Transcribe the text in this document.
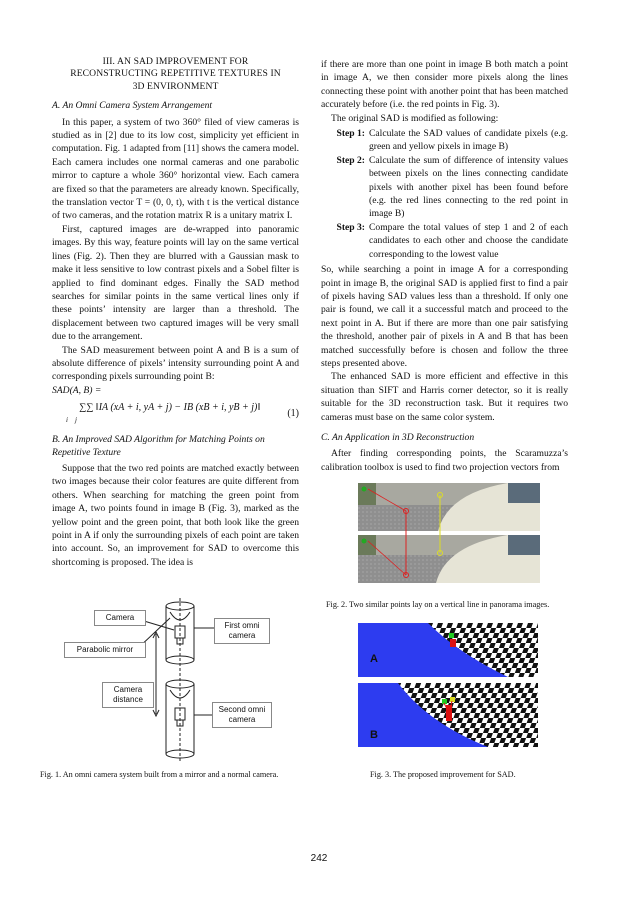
III. AN SAD IMPROVEMENT FOR
RECONSTRUCTING REPETITIVE TEXTURES IN
3D ENVIRONMENT
A. An Omni Camera System Arrangement

In this paper, a system of two 360° filed of view cameras is studied as in [2] due to its low cost, simplicity yet efficient in computation. Fig. 1 adapted from [11] shows the camera model. Each camera includes one normal cameras and one parabolic mirror to capture a whole 360° horizontal view. Each camera are fixed so that the parameters are already known. Specifically, the translation vector T = (0, 0, t), with t is the vertical distance of two cameras, and the rotation matrix R is a unitary matrix I.

First, captured images are de-wrapped into panoramic images. By this way, feature points will lay on the same vertical lines (Fig. 2). Then they are blurred with a Gaussian mask to make it less sensitive to low contrast pixels and a Sobel filter is applied to find dominant edges. Finally the SAD method searches for similar points in the same vertical lines only if these points’ intensity are larger than a threshold. The displacement between two captured images will be very small due to the arrangement.

The SAD measurement between point A and B is a sum of absolute difference of pixels’ intensity surrounding point A and corresponding pixels surrounding point B:

SAD(A, B) =

∑∑ ‖IA (xA + i, yA + j) − IB (xB + i, yB + j)‖
i    j
(1)
B. An Improved SAD Algorithm for Matching Points on
Repetitive Texture

Suppose that the two red points are matched exactly between two images because their color features are quite different from others. When searching for matching the green point from image A, two points found in image B (Fig. 3), marked as the yellow point and the green point, that both look like the green point in A if only the surrounding pixels of each point are taken into account. So, an improvement for SAD to overcome this shortcoming is proposed. The idea is

if there are more than one point in image B both match a point in image A, we then consider more pixels along the lines connecting these point with another point that has been matched accurately before (i.e. the red points in Fig. 3).

The original SAD is modified as following:

Step 1: Calculate the SAD values of candidate pixels (e.g. green and yellow pixels in image B)
Step 2: Calculate the sum of difference of intensity values between pixels on the lines connecting candidate pixels with another pixel has been found before (e.g. the red lines connecting to the red point in image B)
Step 3: Compare the total values of step 1 and 2 of each candidates to each other and choose the candidate corresponding to the lowest value

So, while searching a point in image A for a corresponding point in image B, the original SAD is applied first to find a pair of pixels having SAD values less than a threshold. If only one pair is found, we call it a successful match and proceed to the next point in A. But if there are more than one pair satisfying the threshold, another pair of pixels in A and B that has been matched successfully before is chosen and follow the three steps presented above.

The enhanced SAD is more efficient and effective in this situation than SIFT and Harris corner detector, so it is really suitable for the 3D reconstruction task. But it requires two cameras must base on the same color system.

C. An Application in 3D Reconstruction

After finding corresponding points, the Scaramuzza’s calibration toolbox is used to find two projection vectors from

Camera
Parabolic mirror
First omni
camera
Camera
distance
Second omni
camera
Fig. 1. An omni camera system built from a mirror and a normal camera.
Fig. 2. Two similar points lay on a vertical line in panorama images.
A
B
Fig. 3. The proposed improvement for SAD.
242
